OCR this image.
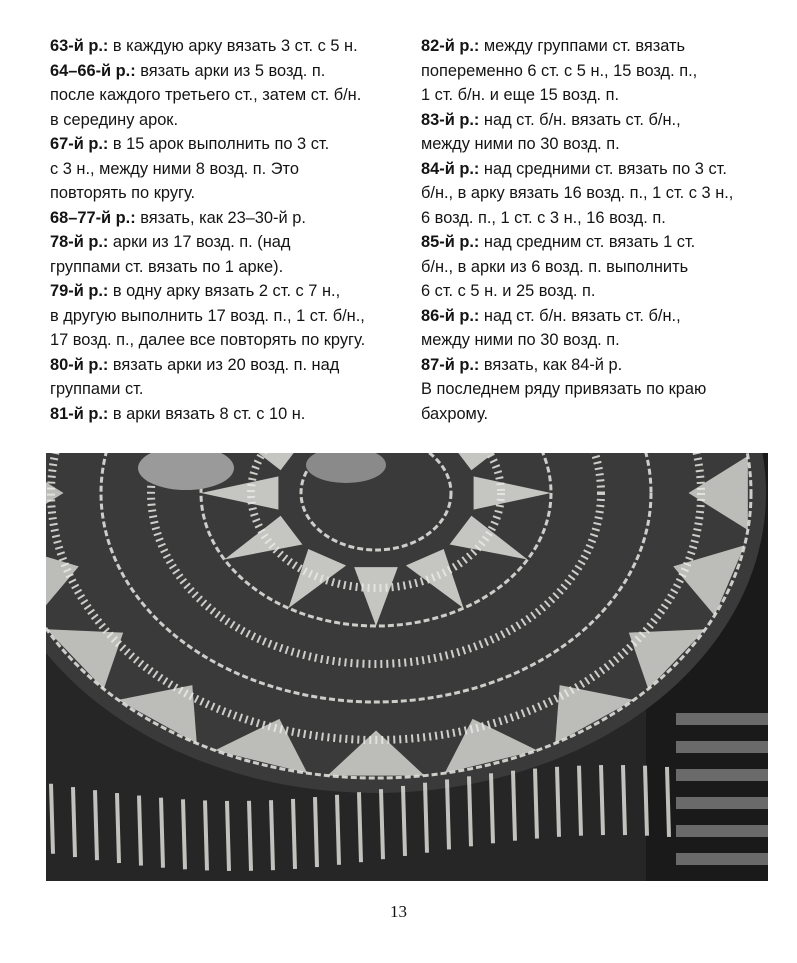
63-й р.: в каждую арку вязать 3 ст. с 5 н.
64–66-й р.: вязать арки из 5 возд. п.
после каждого третьего ст., затем ст. б/н.
в середину арок.
67-й р.: в 15 арок выполнить по 3 ст.
с 3 н., между ними 8 возд. п. Это
повторять по кругу.
68–77-й р.: вязать, как 23–30-й р.
78-й р.: арки из 17 возд. п. (над
группами ст. вязать по 1 арке).
79-й р.: в одну арку вязать 2 ст. с 7 н.,
в другую выполнить 17 возд. п., 1 ст. б/н.,
17 возд. п., далее все повторять по кругу.
80-й р.: вязать арки из 20 возд. п. над
группами ст.
81-й р.: в арки вязать 8 ст. с 10 н.
82-й р.: между группами ст. вязать
попеременно 6 ст. с 5 н., 15 возд. п.,
1 ст. б/н. и еще 15 возд. п.
83-й р.: над ст. б/н. вязать ст. б/н.,
между ними по 30 возд. п.
84-й р.: над средними ст. вязать по 3 ст.
б/н., в арку вязать 16 возд. п., 1 ст. с 3 н.,
6 возд. п., 1 ст. с 3 н., 16 возд. п.
85-й р.: над средним ст. вязать 1 ст.
б/н., в арки из 6 возд. п. выполнить
6 ст. с 5 н. и 25 возд. п.
86-й р.: над ст. б/н. вязать ст. б/н.,
между ними по 30 возд. п.
87-й р.: вязать, как 84-й р.
В последнем ряду привязать по краю
бахрому.
13
